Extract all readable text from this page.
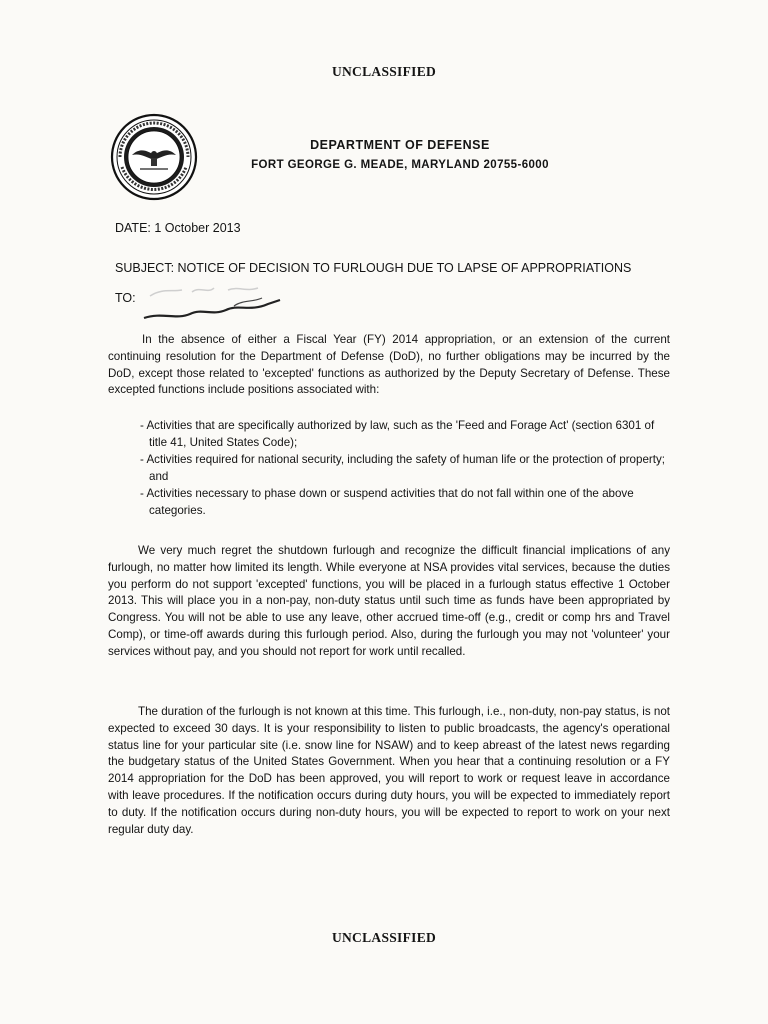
UNCLASSIFIED
DEPARTMENT OF DEFENSE
FORT GEORGE G. MEADE, MARYLAND 20755-6000
DATE: 1 October 2013
SUBJECT: NOTICE OF DECISION TO FURLOUGH DUE TO LAPSE OF APPROPRIATIONS
TO:

In the absence of either a Fiscal Year (FY) 2014 appropriation, or an extension of the current continuing resolution for the Department of Defense (DoD), no further obligations may be incurred by the DoD, except those related to 'excepted' functions as authorized by the Deputy Secretary of Defense. These excepted functions include positions associated with:

- Activities that are specifically authorized by law, such as the 'Feed and Forage Act' (section 6301 of title 41, United States Code);
- Activities required for national security, including the safety of human life or the protection of property; and
- Activities necessary to phase down or suspend activities that do not fall within one of the above categories.

We very much regret the shutdown furlough and recognize the difficult financial implications of any furlough, no matter how limited its length. While everyone at NSA provides vital services, because the duties you perform do not support 'excepted' functions, you will be placed in a furlough status effective 1 October 2013. This will place you in a non-pay, non-duty status until such time as funds have been appropriated by Congress. You will not be able to use any leave, other accrued time-off (e.g., credit or comp hrs and Travel Comp), or time-off awards during this furlough period. Also, during the furlough you may not 'volunteer' your services without pay, and you should not report for work until recalled.

The duration of the furlough is not known at this time. This furlough, i.e., non-duty, non-pay status, is not expected to exceed 30 days. It is your responsibility to listen to public broadcasts, the agency's operational status line for your particular site (i.e. snow line for NSAW) and to keep abreast of the latest news regarding the budgetary status of the United States Government. When you hear that a continuing resolution or a FY 2014 appropriation for the DoD has been approved, you will report to work or request leave in accordance with leave procedures. If the notification occurs during duty hours, you will be expected to immediately report to duty. If the notification occurs during non-duty hours, you will be expected to report to work on your next regular duty day.

UNCLASSIFIED
